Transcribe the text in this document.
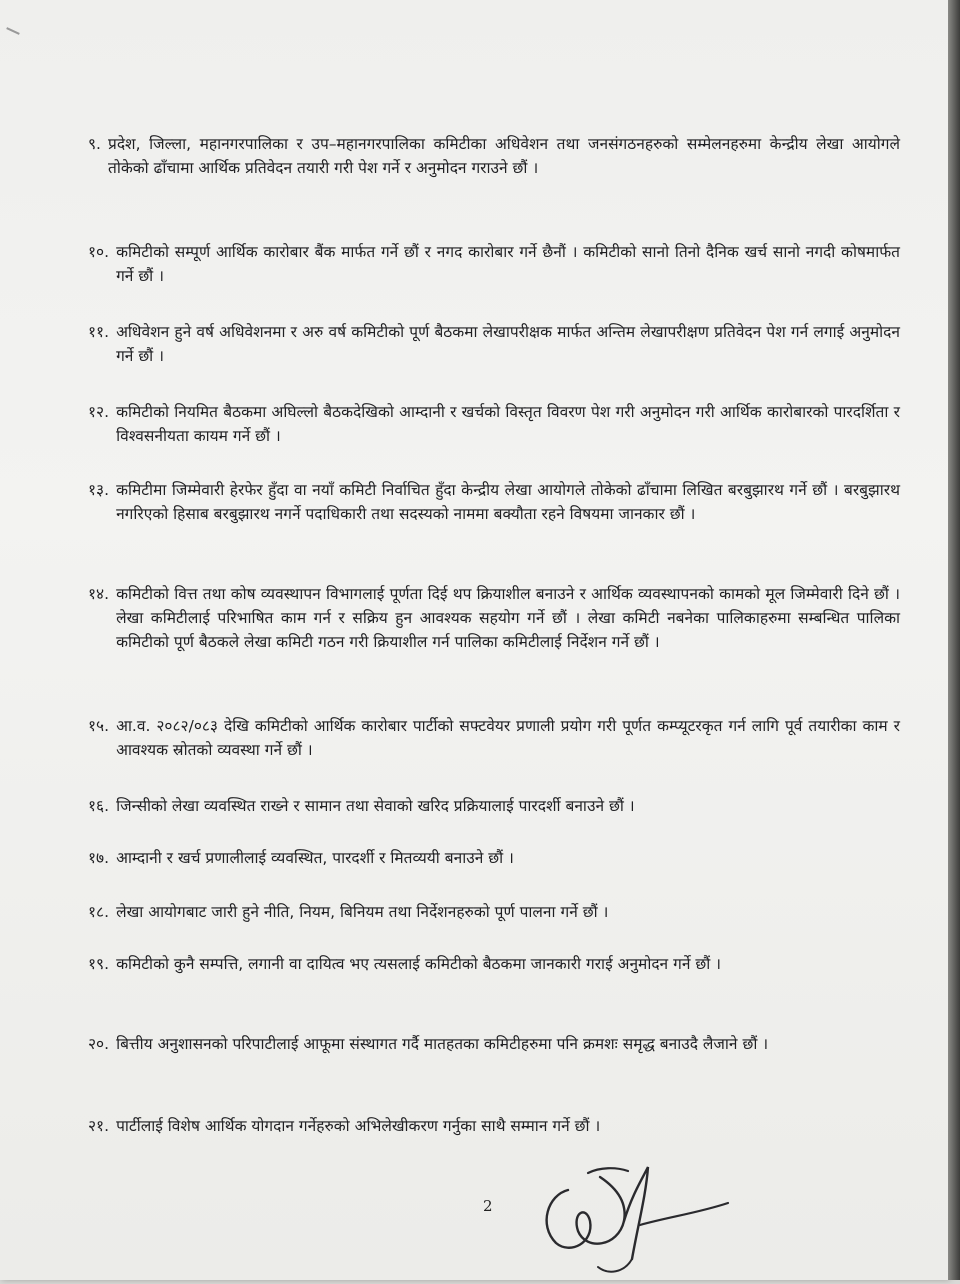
९. प्रदेश, जिल्ला, महानगरपालिका र उप–महानगरपालिका कमिटीका अधिवेशन तथा जनसंगठनहरुको सम्मेलनहरुमा केन्द्रीय लेखा आयोगले तोकेको ढाँचामा आर्थिक प्रतिवेदन तयारी गरी पेश गर्ने र अनुमोदन गराउने छौं ।
१०. कमिटीको सम्पूर्ण आर्थिक कारोबार बैंक मार्फत गर्ने छौं र नगद कारोबार गर्ने छैनौं । कमिटीको सानो तिनो दैनिक खर्च सानो नगदी कोषमार्फत गर्ने छौं ।
११. अधिवेशन हुने वर्ष अधिवेशनमा र अरु वर्ष कमिटीको पूर्ण बैठकमा लेखापरीक्षक मार्फत अन्तिम लेखापरीक्षण प्रतिवेदन पेश गर्न लगाई अनुमोदन गर्ने छौं ।
१२. कमिटीको नियमित बैठकमा अघिल्लो बैठकदेखिको आम्दानी र खर्चको विस्तृत विवरण पेश गरी अनुमोदन गरी आर्थिक कारोबारको पारदर्शिता र विश्वसनीयता कायम गर्ने छौं ।
१३. कमिटीमा जिम्मेवारी हेरफेर हुँदा वा नयाँ कमिटी निर्वाचित हुँदा केन्द्रीय लेखा आयोगले तोकेको ढाँचामा लिखित बरबुझारथ गर्ने छौं । बरबुझारथ नगरिएको हिसाब बरबुझारथ नगर्ने पदाधिकारी तथा सदस्यको नाममा बक्यौता रहने विषयमा जानकार छौं ।
१४. कमिटीको वित्त तथा कोष व्यवस्थापन विभागलाई पूर्णता दिई थप क्रियाशील बनाउने र आर्थिक व्यवस्थापनको कामको मूल जिम्मेवारी दिने छौं । लेखा कमिटीलाई परिभाषित काम गर्न र सक्रिय हुन आवश्यक सहयोग गर्ने छौं । लेखा कमिटी नबनेका पालिकाहरुमा सम्बन्धित पालिका कमिटीको पूर्ण बैठकले लेखा कमिटी गठन गरी क्रियाशील गर्न पालिका कमिटीलाई निर्देशन गर्ने छौं ।
१५. आ.व. २०८२/०८३ देखि कमिटीको आर्थिक कारोबार पार्टीको सफ्टवेयर प्रणाली प्रयोग गरी पूर्णत कम्प्यूटरकृत गर्न लागि पूर्व तयारीका काम र आवश्यक स्रोतको व्यवस्था गर्ने छौं ।
१६. जिन्सीको लेखा व्यवस्थित राख्ने र सामान तथा सेवाको खरिद प्रक्रियालाई पारदर्शी बनाउने छौं ।
१७. आम्दानी र खर्च प्रणालीलाई व्यवस्थित, पारदर्शी र मितव्ययी बनाउने छौं ।
१८. लेखा आयोगबाट जारी हुने नीति, नियम, बिनियम तथा निर्देशनहरुको पूर्ण पालना गर्ने छौं ।
१९. कमिटीको कुनै सम्पत्ति, लगानी वा दायित्व भए त्यसलाई कमिटीको बैठकमा जानकारी गराई अनुमोदन गर्ने छौं ।
२०. बित्तीय अनुशासनको परिपाटीलाई आफूमा संस्थागत गर्दै मातहतका कमिटीहरुमा पनि क्रमशः समृद्ध बनाउदै लैजाने छौं ।
२१. पार्टीलाई विशेष आर्थिक योगदान गर्नेहरुको अभिलेखीकरण गर्नुका साथै सम्मान गर्ने छौं ।
2
